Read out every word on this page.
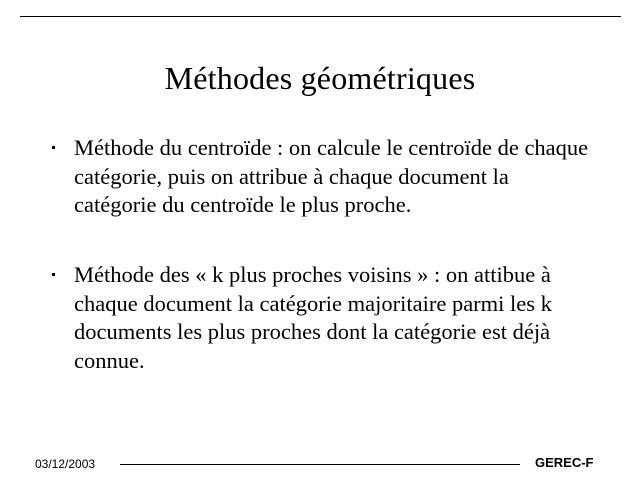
Méthodes géométriques
Méthode du centroïde : on calcule le centroïde de chaque catégorie, puis on attribue à chaque document la catégorie du centroïde le plus proche.
Méthode des « k plus proches voisins » : on attibue à chaque document la catégorie majoritaire parmi les k documents les plus proches dont la catégorie est déjà connue.
03/12/2003	GEREC-F
